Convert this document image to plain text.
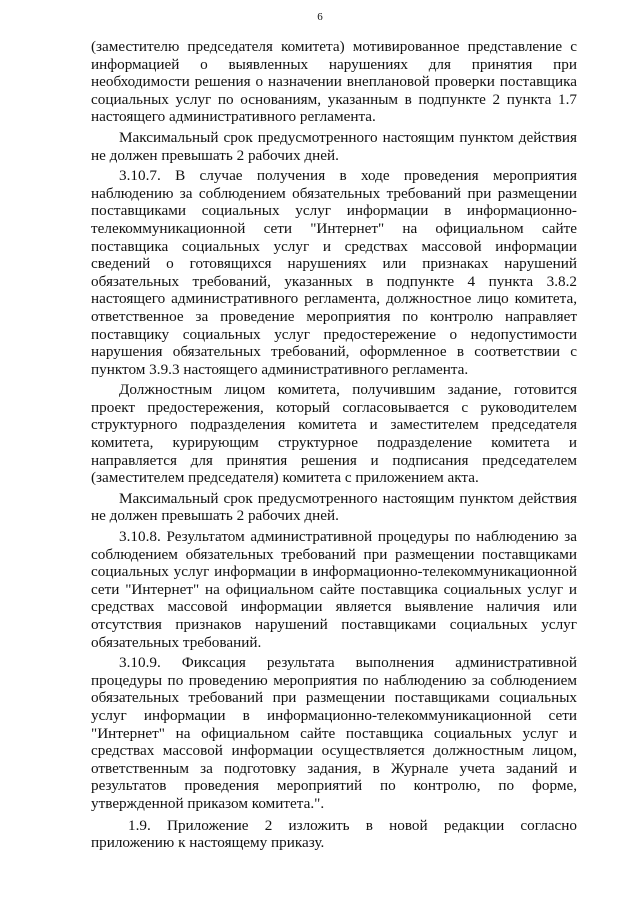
6

(заместителю председателя комитета) мотивированное представление с информацией о выявленных нарушениях для принятия при необходимости решения о назначении внеплановой проверки поставщика социальных услуг по основаниям, указанным в подпункте 2 пункта 1.7 настоящего административного регламента.

Максимальный срок предусмотренного настоящим пунктом действия не должен превышать 2 рабочих дней.

3.10.7. В случае получения в ходе проведения мероприятия наблюдению за соблюдением обязательных требований при размещении поставщиками социальных услуг информации в информационно-телекоммуникационной сети "Интернет" на официальном сайте поставщика социальных услуг и средствах массовой информации сведений о готовящихся нарушениях или признаках нарушений обязательных требований, указанных в подпункте 4 пункта 3.8.2 настоящего административного регламента, должностное лицо комитета, ответственное за проведение мероприятия по контролю направляет поставщику социальных услуг предостережение о недопустимости нарушения обязательных требований, оформленное в соответствии с пунктом 3.9.3 настоящего административного регламента.

Должностным лицом комитета, получившим задание, готовится проект предостережения, который согласовывается с руководителем структурного подразделения комитета и заместителем председателя комитета, курирующим структурное подразделение комитета и направляется для принятия решения и подписания председателем (заместителем председателя) комитета с приложением акта.

Максимальный срок предусмотренного настоящим пунктом действия не должен превышать 2 рабочих дней.

3.10.8. Результатом административной процедуры по наблюдению за соблюдением обязательных требований при размещении поставщиками социальных услуг информации в информационно-телекоммуникационной сети "Интернет" на официальном сайте поставщика социальных услуг и средствах массовой информации является выявление наличия или отсутствия признаков нарушений поставщиками социальных услуг обязательных требований.

3.10.9. Фиксация результата выполнения административной процедуры по проведению мероприятия по наблюдению за соблюдением обязательных требований при размещении поставщиками социальных услуг информации в информационно-телекоммуникационной сети "Интернет" на официальном сайте поставщика социальных услуг и средствах массовой информации осуществляется должностным лицом, ответственным за подготовку задания, в Журнале учета заданий и результатов проведения мероприятий по контролю, по форме, утвержденной приказом комитета.".

1.9. Приложение 2 изложить в новой редакции согласно приложению к настоящему приказу.
